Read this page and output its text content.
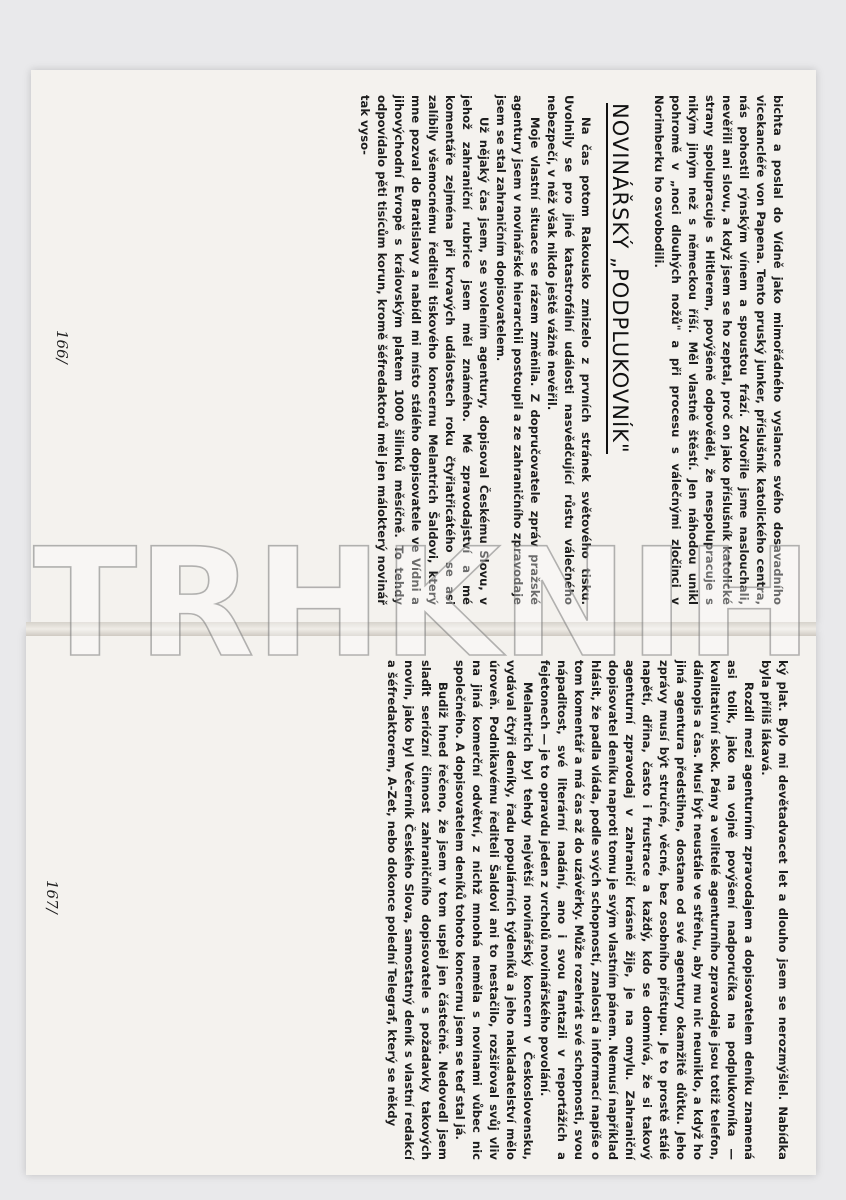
bichta a poslal do Vídně jako mimořádného vyslance svého dosavadního vicekancléře von Papena. Tento pruský junker, příslušník katolického centra, nás pohostil rýnským vínem a spoustou frází. Zdvořile jsme naslouchali, nevěřili ani slovu, a když jsem se ho zeptal, proč on jako příslušník katolické strany spolupracuje s Hitlerem, povýšeně odpověděl, že nespolupracuje s nikým jiným než s německou říší. Měl vlastně štěstí. Jen náhodou unikl pohromě v „noci dlouhých nožů" a při procesu s válečnými zločinci v Norimberku ho osvobodili.

NOVINÁŘSKÝ „PODPLUKOVNÍK"

Na čas potom Rakousko zmizelo z prvních stránek světového tisku. Uvolnily se pro jiné katastrofální události nasvědčující růstu válečného nebezpečí, v něž však nikdo ještě vážně nevěřil.

Moje vlastní situace se rázem změnila. Z dopručovatele zpráv pražské agentury jsem v novinářské hierarchii postoupil a ze zahraničního zpravodaje jsem se stal zahraničním dopisovatelem.

Už nějaký čas jsem, se svolením agentury, dopisoval Českému Slovu, v jehož zahraniční rubrice jsem měl známého. Mé zpravodajství a mé komentáře zejména při krvavých událostech roku čtyřiatřicátého se asi zalíbily všemocnému řediteli tiskového koncernu Melantrich Šaldovi, který mne pozval do Bratislavy a nabídl mi místo stálého dopisovatele ve Vídni a jihovýchodní Evropě s královským platem 1000 šilinků měsíčně. To tehdy odpovídalo pěti tisícům korun, kromě šéfredaktorů měl jen málokterý novinář tak vyso-

166/

ký plat. Bylo mi devětadvacet let a dlouho jsem se nerozmýšlel. Nabídka byla příliš lákavá.

Rozdíl mezi agenturním zpravodajem a dopisovatelem deníku znamená asi tolik, jako na vojně povýšení nadporučíka na podplukovníka — kvalitativní skok. Pány a velitelé agenturního zpravodaje jsou totiž telefon, dálnopis a čas. Musí být neustále ve střehu, aby mu nic neuniklo, a když ho jiná agentura předstihne, dostane od své agentury okamžitě důtku. Jeho zprávy musí být stručné, věcné, bez osobního přístupu. Je to prostě stálé napětí, dřina, často i frustrace a každý, kdo se domnívá, že si takový agenturní zpravodaj v zahraničí krásně žije, je na omylu. Zahraniční dopisovatel deníku naproti tomu je svým vlastním pánem. Nemusí například hlásit, že padla vláda, podle svých schopností, znalostí a informací napíše o tom komentář a má čas až do uzávěrky. Může rozehrát své schopnosti, svou nápaditost, své literární nadání, ano i svou fantazii v reportážích a fejetonech — je to opravdu jeden z vrcholů novinářského povolání.

Melantrich byl tehdy největší novinářský koncern v Československu, vydával čtyři deníky, řadu populárních týdeníků a jeho nakladatelství mělo úroveň. Podnikavému řediteli Šaldovi ani to nestačilo, rozšiřoval svůj vliv na jiná komerční odvětví, z nichž mnohá neměla s novinami vůbec nic společného. A dopisovatelem deníků tohoto koncernu jsem se teď stal já.

Budiž hned řečeno, že jsem v tom uspěl jen částečně. Nedovedl jsem slaďit seriózní činnost zahraničního dopisovatele s požadavky takových novin, jako byl Večerník Českého Slova, samostatný deník s vlastní redakcí a šéfredaktorem, A-Zet, nebo dokonce polední Telegraf, který se někdy

167/
TRHKNIH
